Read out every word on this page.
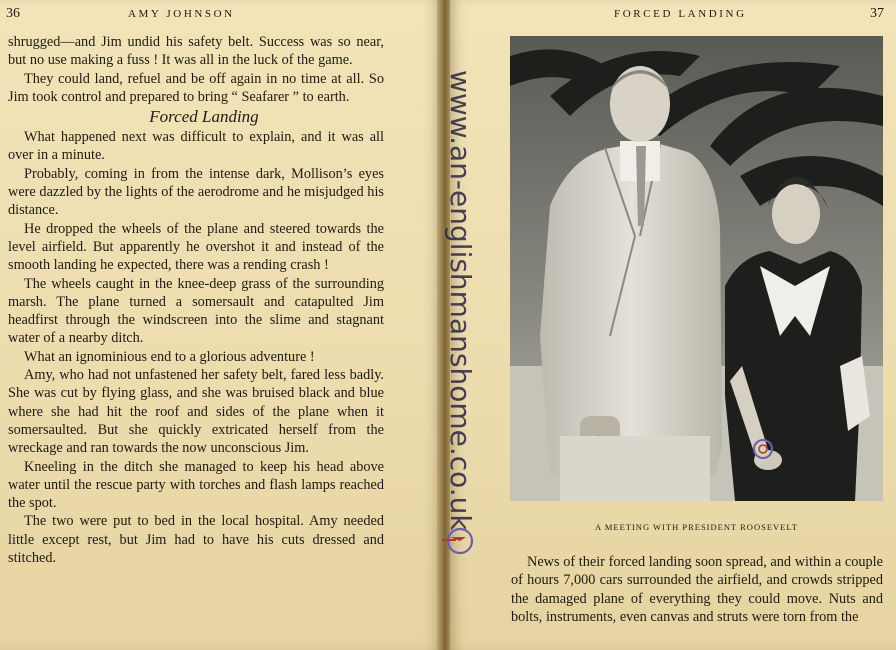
36	AMY JOHNSON

shrugged—and Jim undid his safety belt. Success was so near, but no use making a fuss ! It was all in the luck of the game.

They could land, refuel and be off again in no time at all. So Jim took control and prepared to bring “ Seafarer ” to earth.

Forced Landing

What happened next was difficult to explain, and it was all over in a minute.

Probably, coming in from the intense dark, Mollison’s eyes were dazzled by the lights of the aerodrome and he misjudged his distance.

He dropped the wheels of the plane and steered towards the level airfield. But apparently he overshot it and instead of the smooth landing he expected, there was a rending crash !

The wheels caught in the knee-deep grass of the surrounding marsh. The plane turned a somersault and catapulted Jim headfirst through the windscreen into the slime and stagnant water of a nearby ditch.

What an ignominious end to a glorious adventure !

Amy, who had not unfastened her safety belt, fared less badly. She was cut by flying glass, and she was bruised black and blue where she had hit the roof and sides of the plane when it somersaulted. But she quickly extricated herself from the wreckage and ran towards the now unconscious Jim.

Kneeling in the ditch she managed to keep his head above water until the rescue party with torches and flash lamps reached the spot.

The two were put to bed in the local hospital. Amy needed little except rest, but Jim had to have his cuts dressed and stitched.

FORCED LANDING	37
A MEETING WITH PRESIDENT ROOSEVELT

News of their forced landing soon spread, and within a couple of hours 7,000 cars surrounded the airfield, and crowds stripped the damaged plane of everything they could move. Nuts and bolts, instruments, even canvas and struts were torn from the

www.an-englishmanshome.co.uk
